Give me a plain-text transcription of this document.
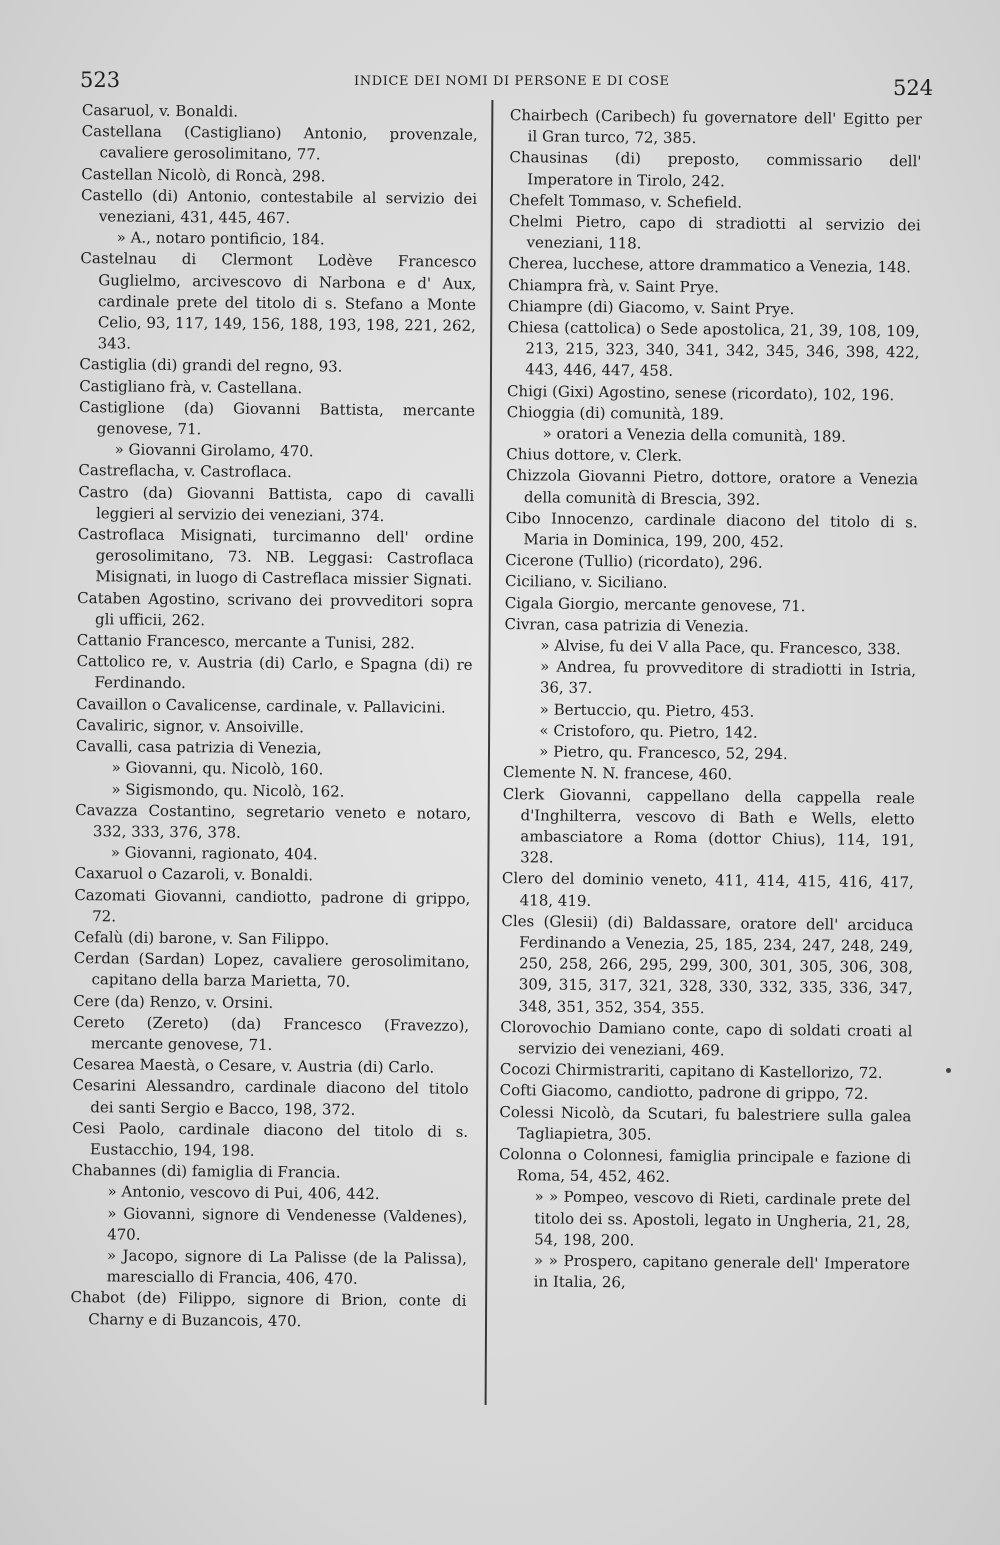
523	INDICE DEI NOMI DI PERSONE E DI COSE	524

Casaruol, v. Bonaldi.

Castellana (Castigliano) Antonio, provenzale, cavaliere gerosolimitano, 77.

Castellan Nicolò, di Roncà, 298.

Castello (di) Antonio, contestabile al servizio dei veneziani, 431, 445, 467.

» A., notaro pontificio, 184.

Castelnau di Clermont Lodève Francesco Guglielmo, arcivescovo di Narbona e d' Aux, cardinale prete del titolo di s. Stefano a Monte Celio, 93, 117, 149, 156, 188, 193, 198, 221, 262, 343.

Castiglia (di) grandi del regno, 93.

Castigliano frà, v. Castellana.

Castiglione (da) Giovanni Battista, mercante genovese, 71.

» Giovanni Girolamo, 470.

Castreflacha, v. Castroflaca.

Castro (da) Giovanni Battista, capo di cavalli leggieri al servizio dei veneziani, 374.

Castroflaca Misignati, turcimanno dell' ordine gerosolimitano, 73. NB. Leggasi: Castroflaca Misignati, in luogo di Castreflaca missier Signati.

Cataben Agostino, scrivano dei provveditori sopra gli ufficii, 262.

Cattanio Francesco, mercante a Tunisi, 282.

Cattolico re, v. Austria (di) Carlo, e Spagna (di) re Ferdinando.

Cavaillon o Cavalicense, cardinale, v. Pallavicini.

Cavaliric, signor, v. Ansoiville.

Cavalli, casa patrizia di Venezia,

» Giovanni, qu. Nicolò, 160.

» Sigismondo, qu. Nicolò, 162.

Cavazza Costantino, segretario veneto e notaro, 332, 333, 376, 378.

» Giovanni, ragionato, 404.

Caxaruol o Cazaroli, v. Bonaldi.

Cazomati Giovanni, candiotto, padrone di grippo, 72.

Cefalù (di) barone, v. San Filippo.

Cerdan (Sardan) Lopez, cavaliere gerosolimitano, capitano della barza Marietta, 70.

Cere (da) Renzo, v. Orsini.

Cereto (Zereto) (da) Francesco (Fravezzo), mercante genovese, 71.

Cesarea Maestà, o Cesare, v. Austria (di) Carlo.

Cesarini Alessandro, cardinale diacono del titolo dei santi Sergio e Bacco, 198, 372.

Cesi Paolo, cardinale diacono del titolo di s. Eustacchio, 194, 198.

Chabannes (di) famiglia di Francia.

» Antonio, vescovo di Pui, 406, 442.

» Giovanni, signore di Vendenesse (Valdenes), 470.

» Jacopo, signore di La Palisse (de la Palissa), maresciallo di Francia, 406, 470.

Chabot (de) Filippo, signore di Brion, conte di Charny e di Buzancois, 470.

Chairbech (Caribech) fu governatore dell' Egitto per il Gran turco, 72, 385.

Chausinas (di) preposto, commissario dell' Imperatore in Tirolo, 242.

Chefelt Tommaso, v. Schefield.

Chelmi Pietro, capo di stradiotti al servizio dei veneziani, 118.

Cherea, lucchese, attore drammatico a Venezia, 148.

Chiampra frà, v. Saint Prye.

Chiampre (di) Giacomo, v. Saint Prye.

Chiesa (cattolica) o Sede apostolica, 21, 39, 108, 109, 213, 215, 323, 340, 341, 342, 345, 346, 398, 422, 443, 446, 447, 458.

Chigi (Gixi) Agostino, senese (ricordato), 102, 196.

Chioggia (di) comunità, 189.

» oratori a Venezia della comunità, 189.

Chius dottore, v. Clerk.

Chizzola Giovanni Pietro, dottore, oratore a Venezia della comunità di Brescia, 392.

Cibo Innocenzo, cardinale diacono del titolo di s. Maria in Dominica, 199, 200, 452.

Cicerone (Tullio) (ricordato), 296.

Ciciliano, v. Siciliano.

Cigala Giorgio, mercante genovese, 71.

Civran, casa patrizia di Venezia.

» Alvise, fu dei V alla Pace, qu. Francesco, 338.

» Andrea, fu provveditore di stradiotti in Istria, 36, 37.

» Bertuccio, qu. Pietro, 453.

« Cristoforo, qu. Pietro, 142.

» Pietro, qu. Francesco, 52, 294.

Clemente N. N. francese, 460.

Clerk Giovanni, cappellano della cappella reale d'Inghilterra, vescovo di Bath e Wells, eletto ambasciatore a Roma (dottor Chius), 114, 191, 328.

Clero del dominio veneto, 411, 414, 415, 416, 417, 418, 419.

Cles (Glesii) (di) Baldassare, oratore dell' arciduca Ferdinando a Venezia, 25, 185, 234, 247, 248, 249, 250, 258, 266, 295, 299, 300, 301, 305, 306, 308, 309, 315, 317, 321, 328, 330, 332, 335, 336, 347, 348, 351, 352, 354, 355.

Clorovochio Damiano conte, capo di soldati croati al servizio dei veneziani, 469.

Cocozi Chirmistrariti, capitano di Kastellorizo, 72.

Cofti Giacomo, candiotto, padrone di grippo, 72.

Colessi Nicolò, da Scutari, fu balestriere sulla galea Tagliapietra, 305.

Colonna o Colonnesi, famiglia principale e fazione di Roma, 54, 452, 462.

» » Pompeo, vescovo di Rieti, cardinale prete del titolo dei ss. Apostoli, legato in Ungheria, 21, 28, 54, 198, 200.

» » Prospero, capitano generale dell' Imperatore in Italia, 26,
